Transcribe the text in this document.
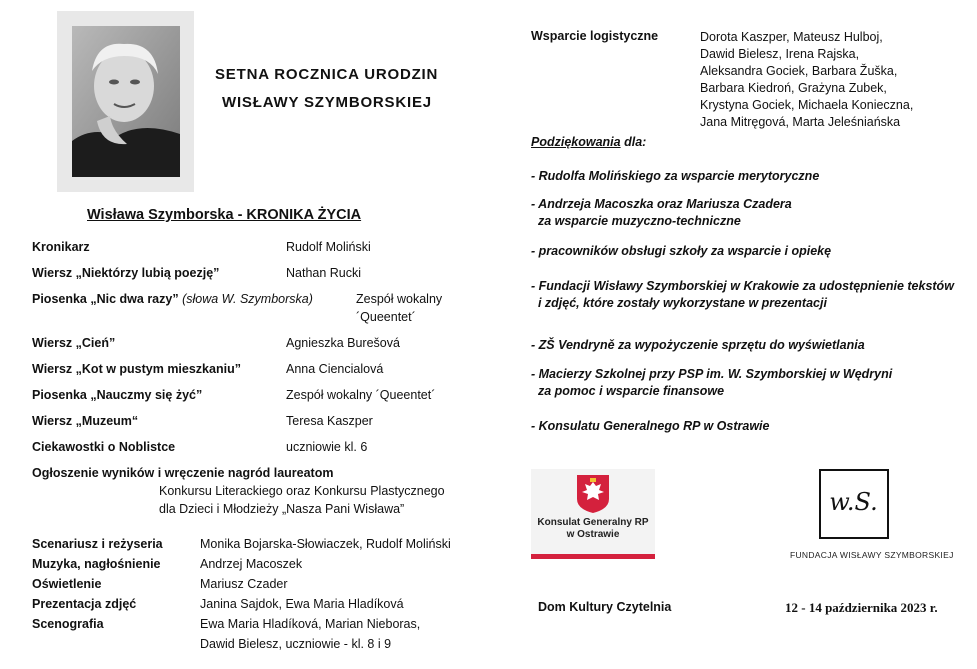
SETNA ROCZNICA URODZIN
WISŁAWY SZYMBORSKIEJ
Wisława Szymborska - KRONIKA ŻYCIA
Kronikarz	Rudolf Moliński
Wiersz „Niektórzy lubią poezję”	Nathan Rucki
Piosenka „Nic dwa razy” (słowa W. Szymborska)	Zespół wokalny
´Queentet´
Wiersz „Cień”	Agnieszka Burešová
Wiersz „Kot w pustym mieszkaniu”	Anna Ciencialová
Piosenka „Nauczmy się żyć”	Zespół wokalny ´Queentet´
Wiersz „Muzeum“	Teresa Kaszper
Ciekawostki o Noblistce	uczniowie kl. 6
Ogłoszenie wyników i wręczenie nagród laureatom
Konkursu Literackiego oraz Konkursu Plastycznego
dla Dzieci i Młodzieży „Nasza Pani Wisława”
Scenariusz i reżyseria	Monika Bojarska-Słowiaczek, Rudolf Moliński
Muzyka, nagłośnienie	Andrzej Macoszek
Oświetlenie	Mariusz Czader
Prezentacja zdjęć	Janina Sajdok, Ewa Maria Hladíková
Scenografia	Ewa Maria Hladíková, Marian Nieboras,
Dawid Bielesz, uczniowie - kl. 8 i 9
Wsparcie logistyczne	Dorota Kaszper, Mateusz Hulboj,
Dawid Bielesz, Irena Rajska,
Aleksandra Gociek, Barbara Žuška,
Barbara Kiedroń, Grażyna Zubek,
Krystyna Gociek, Michaela Konieczna,
Jana Mitręgová, Marta Jeleśniańska
Podziękowania dla:
- Rudolfa Molińskiego za wsparcie merytoryczne
- Andrzeja Macoszka oraz Mariusza Czadera
za wsparcie muzyczno-techniczne
- pracowników obsługi szkoły za wsparcie i opiekę
- Fundacji Wisławy Szymborskiej w Krakowie za udostępnienie tekstów
i zdjęć, które zostały wykorzystane w prezentacji
- ZŠ Vendryně za wypożyczenie sprzętu do wyświetlania
- Macierzy Szkolnej przy PSP im. W. Szymborskiej w Wędryni
za pomoc i wsparcie finansowe
- Konsulatu Generalnego RP w Ostrawie
Konsulat Generalny RP
w Ostrawie
w.S.
FUNDACJA WISŁAWY SZYMBORSKIEJ
Dom Kultury Czytelnia	12 - 14 października 2023 r.
